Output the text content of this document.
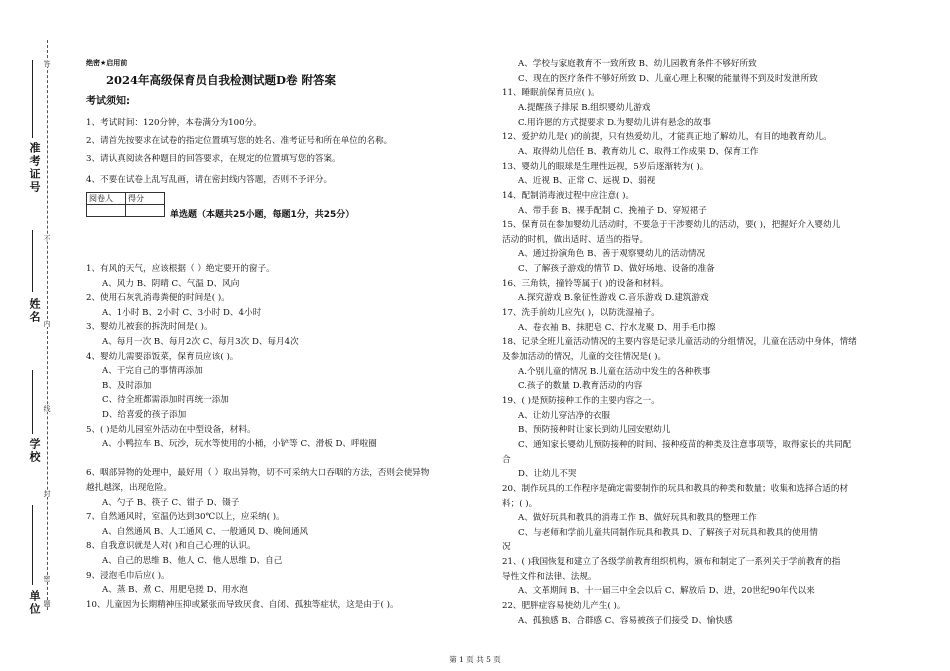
准考证号
姓名
学校
单位
答
不
内
线
封
密
题
绝密★启用前
2024年高级保育员自我检测试题D卷 附答案
考试须知:
1、考试时间：120分钟，本卷满分为100分。
2、请首先按要求在试卷的指定位置填写您的姓名、准考证号和所在单位的名称。
3、请认真阅读各种题目的回答要求，在规定的位置填写您的答案。
4、不要在试卷上乱写乱画，请在密封线内答题，否则不予评分。
单选题（本题共25小题，每题1分，共25分）
1、有风的天气，应该根据（ ）绝定要开的窗子。
A、风力 B、阴晴 C、气温 D、风向
2、使用石灰乳消毒粪便的时间是( )。
A、1小时 B、2小时 C、3小时 D、4小时
3、婴幼儿被套的拆洗时间是( )。
A、每月一次 B、每月2次 C、每月3次 D、每月4次
4、婴幼儿需要添饭菜，保育员应该( )。
A、干完自己的事情再添加
B、及时添加
C、待全班都需添加时再统一添加
D、给喜爱的孩子添加
5、( )是幼儿园室外活动在中型设备，材料。
A、小鸭拉车 B、玩沙，玩水等使用的小桶，小铲等 C、滑板 D、呼啦圈
6、咽部异物的处理中，最好用（ ）取出异物，切不可采纳大口吞咽的方法，否则会使异物
越扎越深，出现危险。
A、勺子 B、筷子 C、钳子 D、镊子
7、自然通风时，室温仍达到30℃以上，应采纳( )。
A、自然通风 B、人工通风 C、一般通风 D、晚间通风
8、自我意识就是人对( )和自己心理的认识。
A、自己的思维 B、他人 C、他人思维 D、自己
9、浸泡毛巾后应( )。
A、蒸 B、煮 C、用肥皂搓 D、用水泡
10、儿童因为长期精神压抑或紧张而导致厌食、自闭、孤独等症状，这是由于( )。
阅卷人	得分

A、学校与家庭教育不一致所致 B、幼儿园教育条件不够好所致
C、现在的医疗条件不够好所致 D、儿童心理上积聚的能量得不到及时发泄所致
11、睡眠前保育员应( )。
A.提醒孩子排尿 B.组织婴幼儿游戏
C.用许愿的方式提要求 D.为婴幼儿讲有悬念的故事
12、爱护幼儿是( )的前提，只有热爱幼儿，才能真正地了解幼儿，有目的地教育幼儿。
A、取得幼儿信任 B、教育幼儿 C、取得工作成果 D、保育工作
13、婴幼儿的眼球是生理性远视，5岁后逐渐转为( )。
A、近视 B、正常 C、远视 D、弱视
14、配制消毒液过程中应注意( )。
A、带手套 B、裸手配制 C、挽袖子 D、穿短裙子
15、保育员在参加婴幼儿活动时，不要急于干涉婴幼儿的活动，要( )，把握好介入婴幼儿
活动的时机，做出适时、适当的指导。
A、通过扮演角色 B、善于观察婴幼儿的活动情况
C、了解孩子游戏的情节 D、做好场地、设备的准备
16、三角铁，撞铃等属于( )的设备和材料。
A.探究游戏 B.象征性游戏 C.音乐游戏 D.建筑游戏
17、洗手前幼儿应先( )，以防洗湿袖子。
A、卷衣袖 B、抹肥皂 C、拧水龙聚 D、用手毛巾擦
18、记录全班儿童活动情况的主要内容是记录儿童活动的分组情况，儿童在活动中身体，情绪
及参加活动的情况，儿童的交往情况是( )。
A.个别儿童的情况 B.儿童在活动中发生的各种秩事
C.孩子的数量 D.教育活动的内容
19、( )是预防接种工作的主要内容之一。
A、让幼儿穿洁净的衣服
B、预防接种时让家长到幼儿园安慰幼儿
C、通知家长婴幼儿预防接种的时间、接种疫苗的种类及注意事项等，取得家长的共同配
合
D、让幼儿不哭
20、制作玩具的工作程序是确定需要制作的玩具和教具的种类和数量；收集和选择合适的材
料；( )。
A、做好玩具和教具的消毒工作 B、做好玩具和教具的整理工作
C、与老师和学前儿童共同制作玩具和教具 D、了解孩子对玩具和教具的使用情
况
21、( )我国恢复和建立了各级学前教育组织机构，颁布和制定了一系列关于学前教育的指
导性文件和法律、法规。
A、文革期间 B、十一届三中全会以后 C、解放后 D、进，20世纪90年代以来
22、肥胖症容易使幼儿产生( )。
A、孤独感 B、合群感 C、容易被孩子们接受 D、愉快感
第 1 页 共 5 页
